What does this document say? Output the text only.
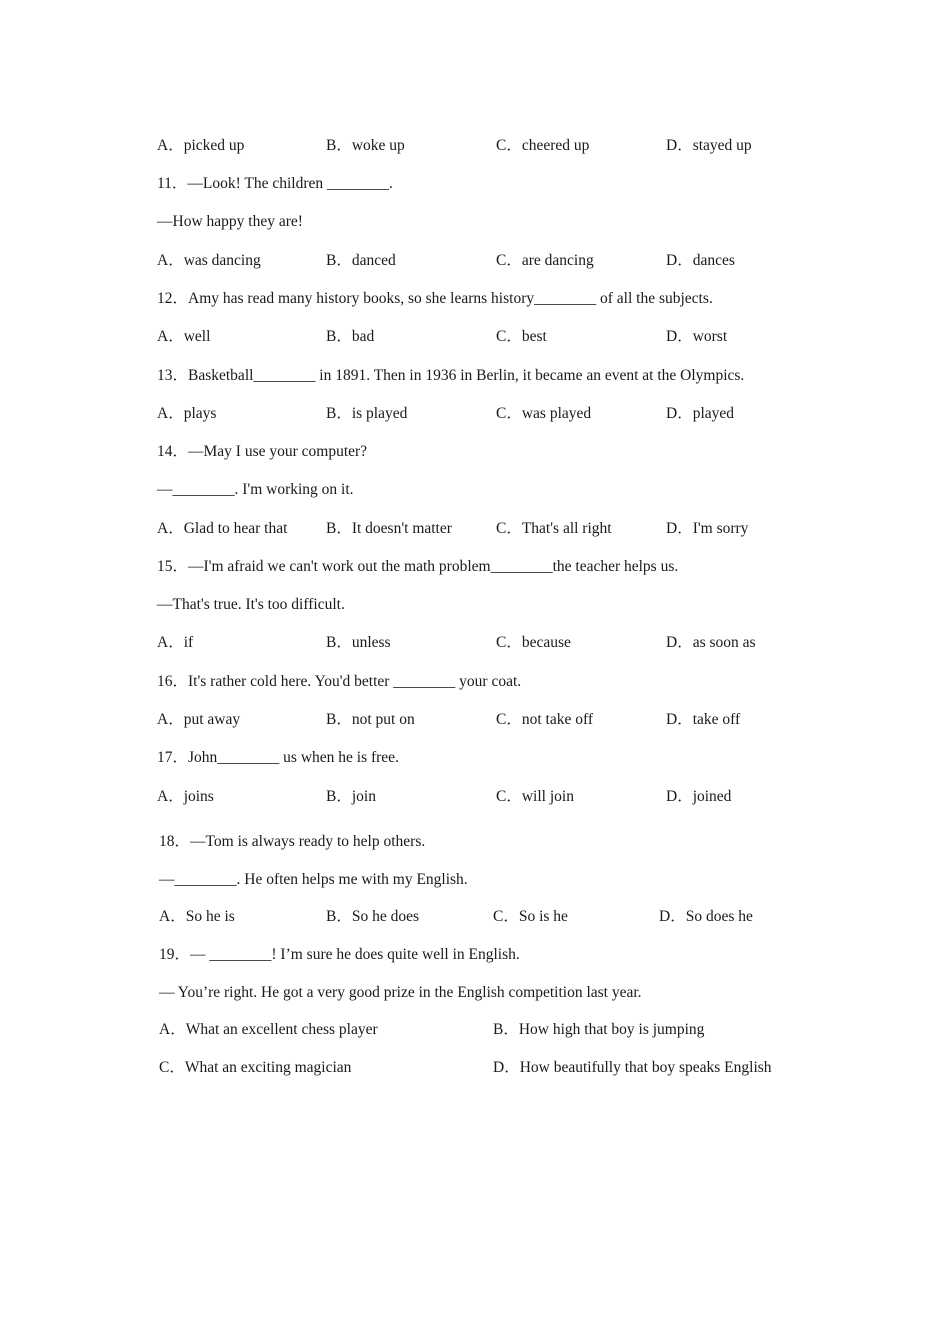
A．picked up	B．woke up	C．cheered up	D．stayed up
11．—Look! The children ________.
—How happy they are!
A．was dancing	B．danced	C．are dancing	D．dances
12．Amy has read many history books, so she learns history________ of all the subjects.
A．well	B．bad	C．best	D．worst
13．Basketball________ in 1891. Then in 1936 in Berlin, it became an event at the Olympics.
A．plays	B．is played	C．was played	D．played
14．—May I use your computer?
—________. I'm working on it.
A．Glad to hear that B．It doesn't matter	C．That's all right	D．I'm sorry
15．—I'm afraid we can't work out the math problem________the teacher helps us.
—That's true. It's too difficult.
A．if	B．unless	C．because	D．as soon as
16．It's rather cold here. You'd better ________ your coat.
A．put away	B．not put on	C．not take off	D．take off
17．John________ us when he is free.
A．joins	B．join	C．will join	D．joined
18．—Tom is always ready to help others.
—________. He often helps me with my English.
A．So he is	B．So he does	C．So is he	D．So does he
19．— ________! I’m sure he does quite well in English.
— You’re right. He got a very good prize in the English competition last year.
A．What an excellent chess player	B．How high that boy is jumping
C．What an exciting magician	D．How beautifully that boy speaks English
